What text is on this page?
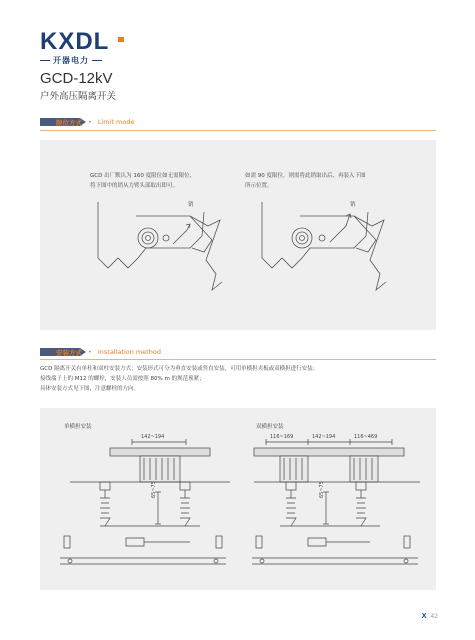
KXDL
开器电力
GCD-12kV
户外高压隔离开关
限位方式 • Limit mode
GCD 出厂默认为 160 度限位如无需限位,
将下图中的销从力臂头部取出即可。
如需 90 度限位，则需将此销取出后、再装入下图
所示位置。
销	销
安装方式 • Installation method
GCD 隔离开关有单柱和双柱安装方式；安装形式可分为垂直安装或竖直安装，可用单横担夹板或双横担进行安装；
接线端子上的 M12 的螺栓，安装人员需按照 80% m 的规范预紧；
具体安装方式见下图，注意螺栓的方向。
单横担安装	双横担安装
142~194
65~75
116~169	142~194	116~469
65~75
X 42
